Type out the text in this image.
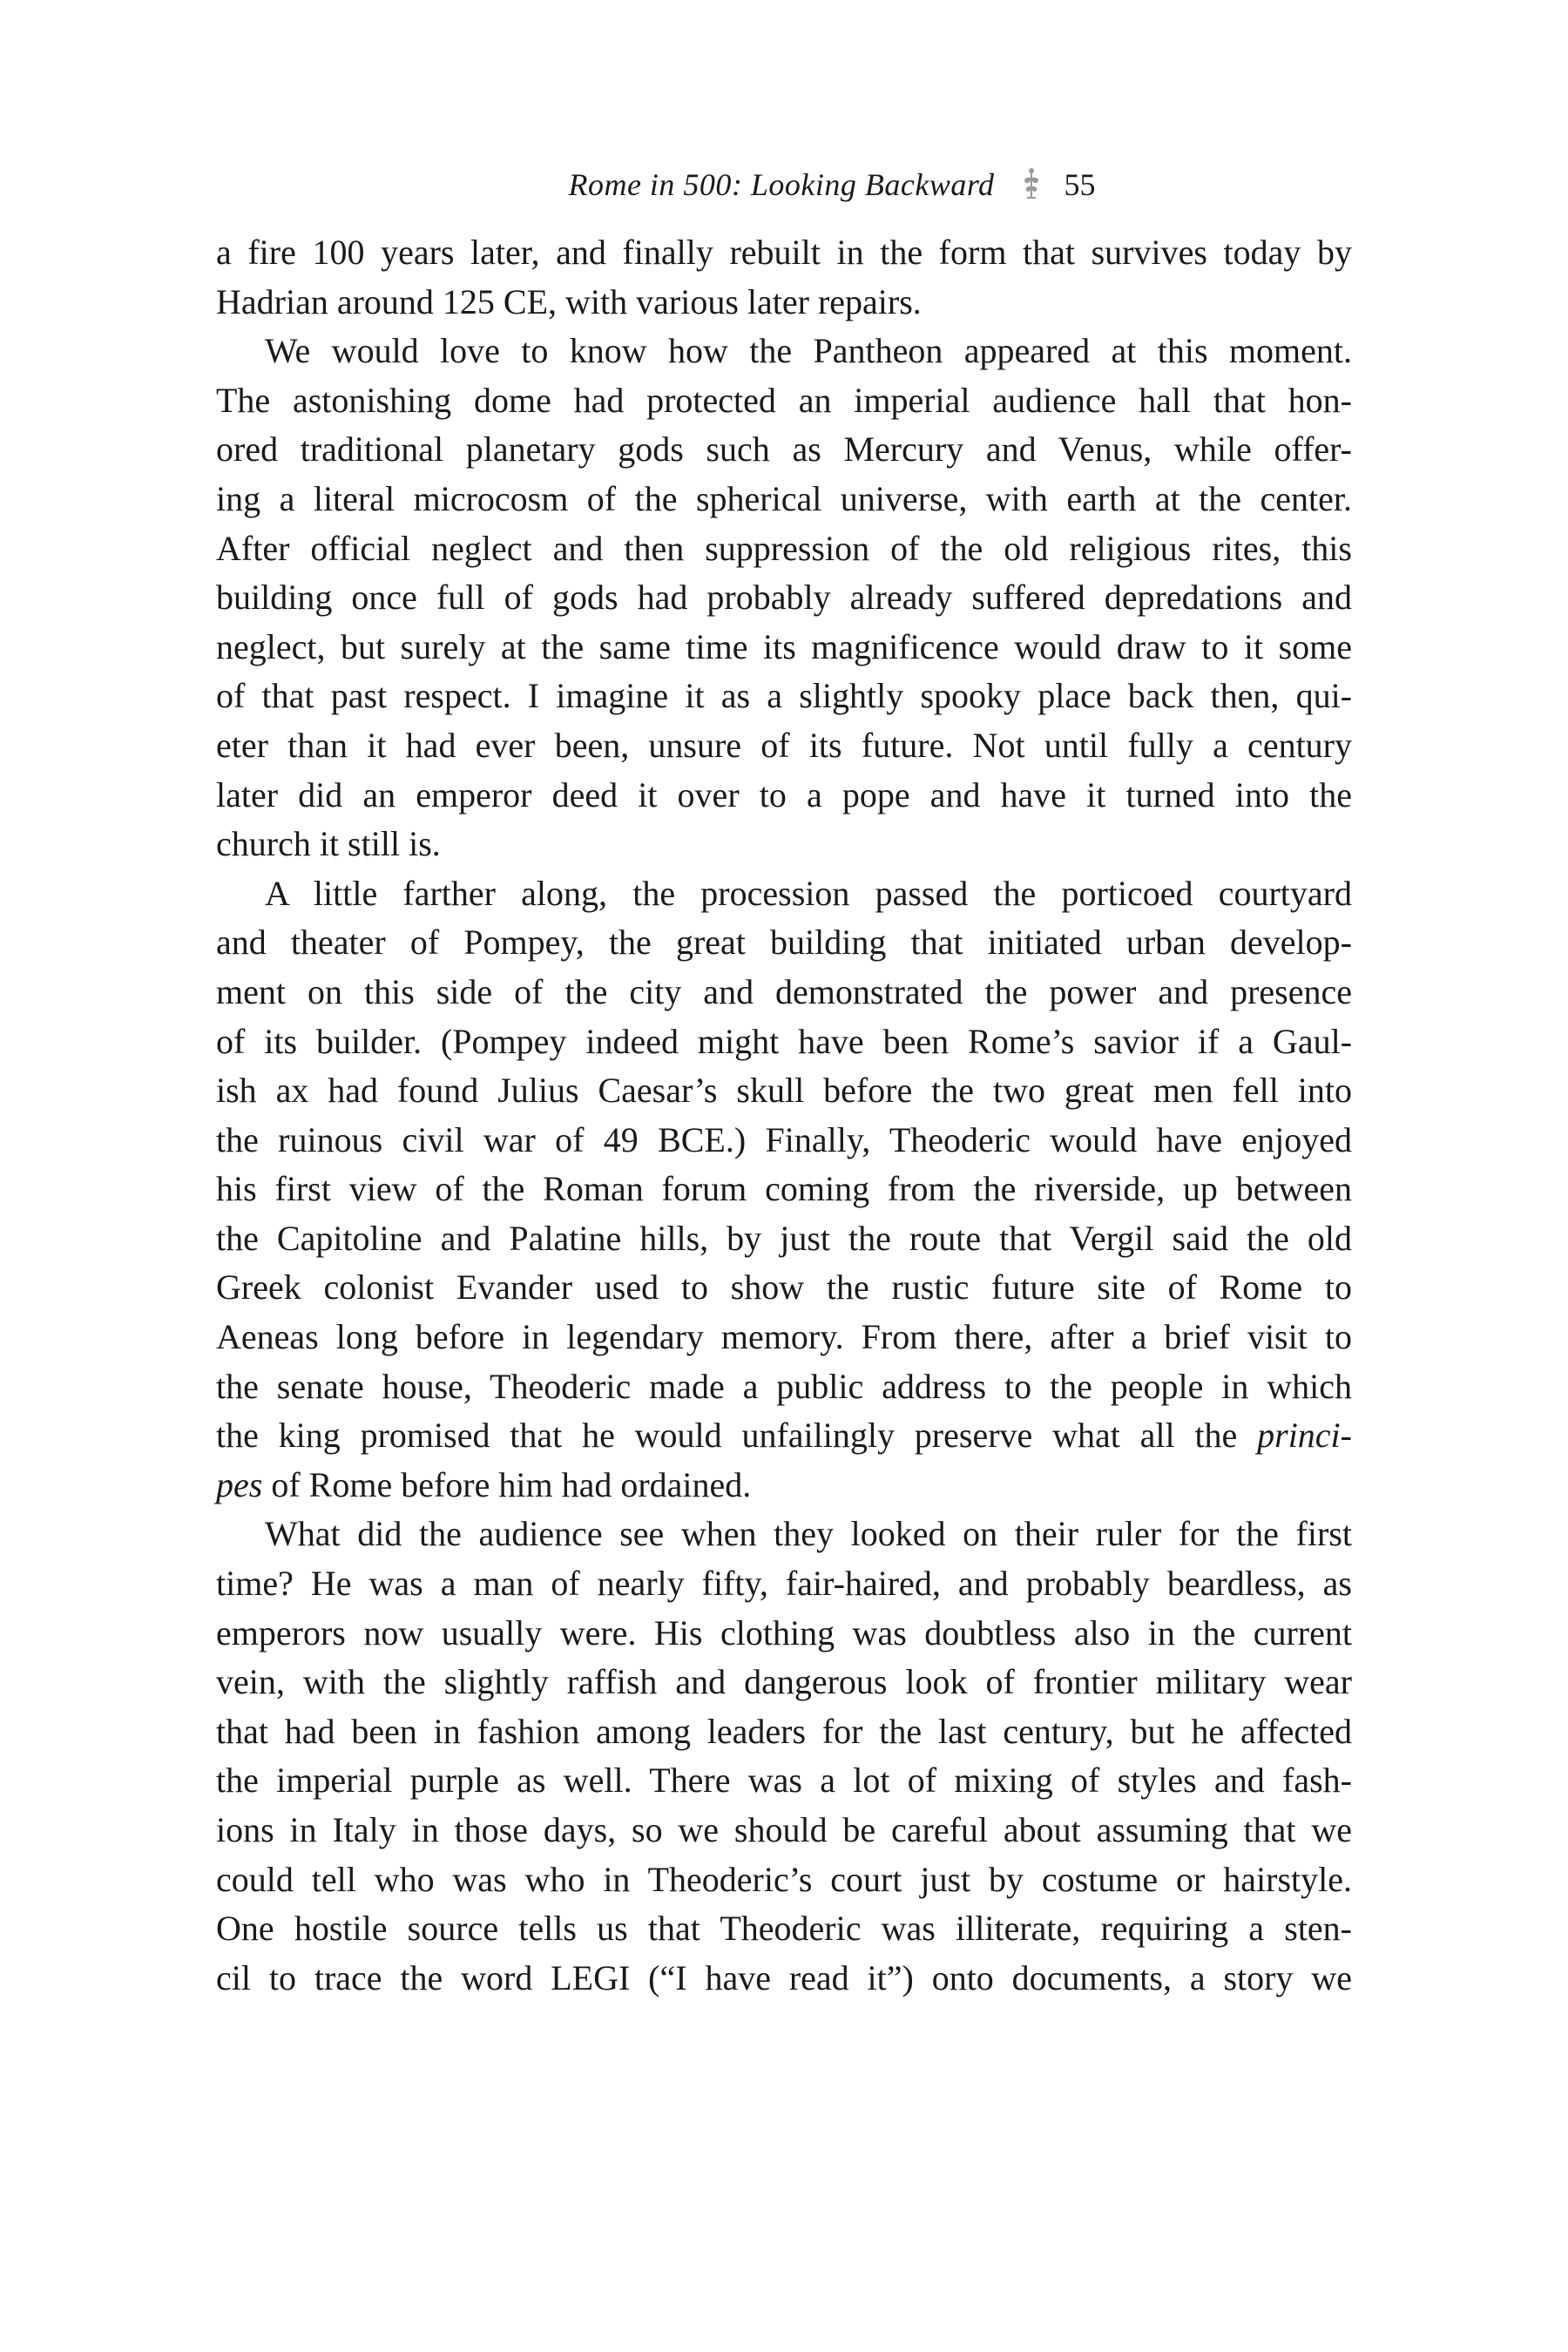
Rome in 500: Looking Backward 55

a fire 100 years later, and finally rebuilt in the form that survives today by

Hadrian around 125 CE, with various later repairs.

We would love to know how the Pantheon appeared at this moment.

The astonishing dome had protected an imperial audience hall that hon-

ored traditional planetary gods such as Mercury and Venus, while offer-

ing a literal microcosm of the spherical universe, with earth at the center.

After official neglect and then suppression of the old religious rites, this

building once full of gods had probably already suffered depredations and

neglect, but surely at the same time its magnificence would draw to it some

of that past respect. I imagine it as a slightly spooky place back then, qui-

eter than it had ever been, unsure of its future. Not until fully a century

later did an emperor deed it over to a pope and have it turned into the

church it still is.

A little farther along, the procession passed the porticoed courtyard

and theater of Pompey, the great building that initiated urban develop-

ment on this side of the city and demonstrated the power and presence

of its builder. (Pompey indeed might have been Rome’s savior if a Gaul-

ish ax had found Julius Caesar’s skull before the two great men fell into

the ruinous civil war of 49 BCE.) Finally, Theoderic would have enjoyed

his first view of the Roman forum coming from the riverside, up between

the Capitoline and Palatine hills, by just the route that Vergil said the old

Greek colonist Evander used to show the rustic future site of Rome to

Aeneas long before in legendary memory. From there, after a brief visit to

the senate house, Theoderic made a public address to the people in which

the king promised that he would unfailingly preserve what all the princi-

pes of Rome before him had ordained.

What did the audience see when they looked on their ruler for the first

time? He was a man of nearly fifty, fair-haired, and probably beardless, as

emperors now usually were. His clothing was doubtless also in the current

vein, with the slightly raffish and dangerous look of frontier military wear

that had been in fashion among leaders for the last century, but he affected

the imperial purple as well. There was a lot of mixing of styles and fash-

ions in Italy in those days, so we should be careful about assuming that we

could tell who was who in Theoderic’s court just by costume or hairstyle.

One hostile source tells us that Theoderic was illiterate, requiring a sten-

cil to trace the word LEGI (“I have read it”) onto documents, a story we
